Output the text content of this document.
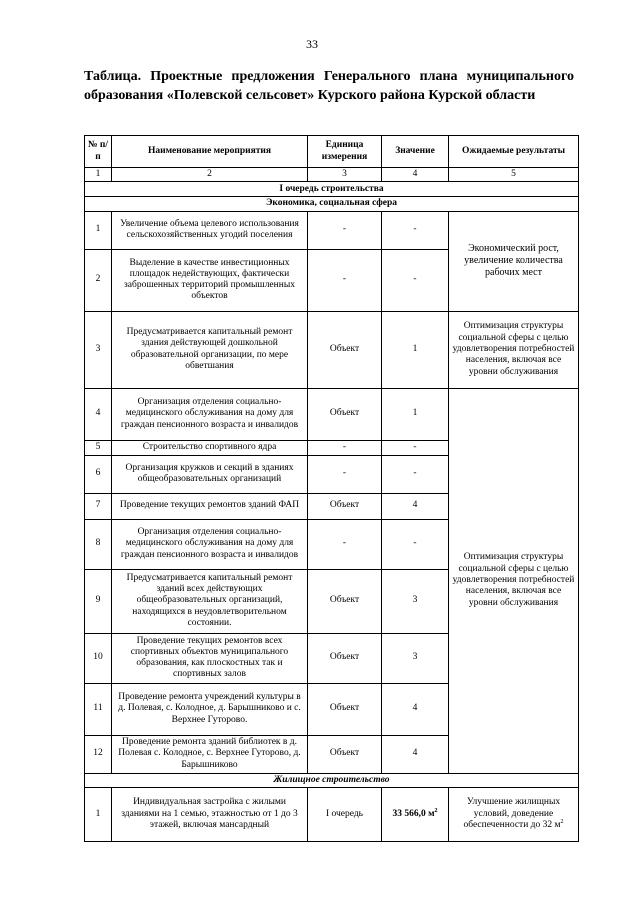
33
Таблица. Проектные предложения Генерального плана муниципального образования «Полевской сельсовет» Курского района Курской области
№ п/п	Наименование мероприятия	Единица измерения	Значение	Ожидаемые результаты
1	2	3	4	5
I очередь строительства				
Экономика, социальная сфера				
1	Увеличение объема целевого использования сельскохозяйственных угодий поселения	-	-	Экономический рост, увеличение количества рабочих мест
2	Выделение в качестве инвестиционных площадок недействующих, фактически заброшенных территорий промышленных объектов	-	-	
3	Предусматривается капитальный ремонт здания действующей дошкольной образовательной организации, по мере обветшания	Объект	1	Оптимизация структуры социальной сферы с целью удовлетворения потребностей населения, включая все уровни обслуживания
4	Организация отделения социально-медицинского обслуживания на дому для граждан пенсионного возраста и инвалидов	Объект	1	Оптимизация структуры социальной сферы с целью удовлетворения потребностей населения, включая все уровни обслуживания
5	Строительство спортивного ядра	-	-	
6	Организация кружков и секций в зданиях общеобразовательных организаций	-	-	
7	Проведение текущих ремонтов зданий ФАП	Объект	4	
8	Организация отделения социально-медицинского обслуживания на дому для граждан пенсионного возраста и инвалидов	-	-	
9	Предусматривается капитальный ремонт зданий всех действующих общеобразовательных организаций, находящихся в неудовлетворительном состоянии.	Объект	3	
10	Проведение текущих ремонтов всех спортивных объектов муниципального образования, как плоскостных так и спортивных залов	Объект	3	
11	Проведение ремонта учреждений культуры в д. Полевая, с. Колодное, д. Барышниково и с. Верхнее Гуторово.	Объект	4	
12	Проведение ремонта зданий библиотек в д. Полевая с. Колодное, с. Верхнее Гуторово, д. Барышниково	Объект	4	
Жилищное строительство				
1	Индивидуальная застройка с жилыми зданиями на 1 семью, этажностью от 1 до 3 этажей, включая мансардный	I очередь	33 566,0 $м^2$	Улучшение жилищных условий, доведение обеспеченности до 32 $м^2$
